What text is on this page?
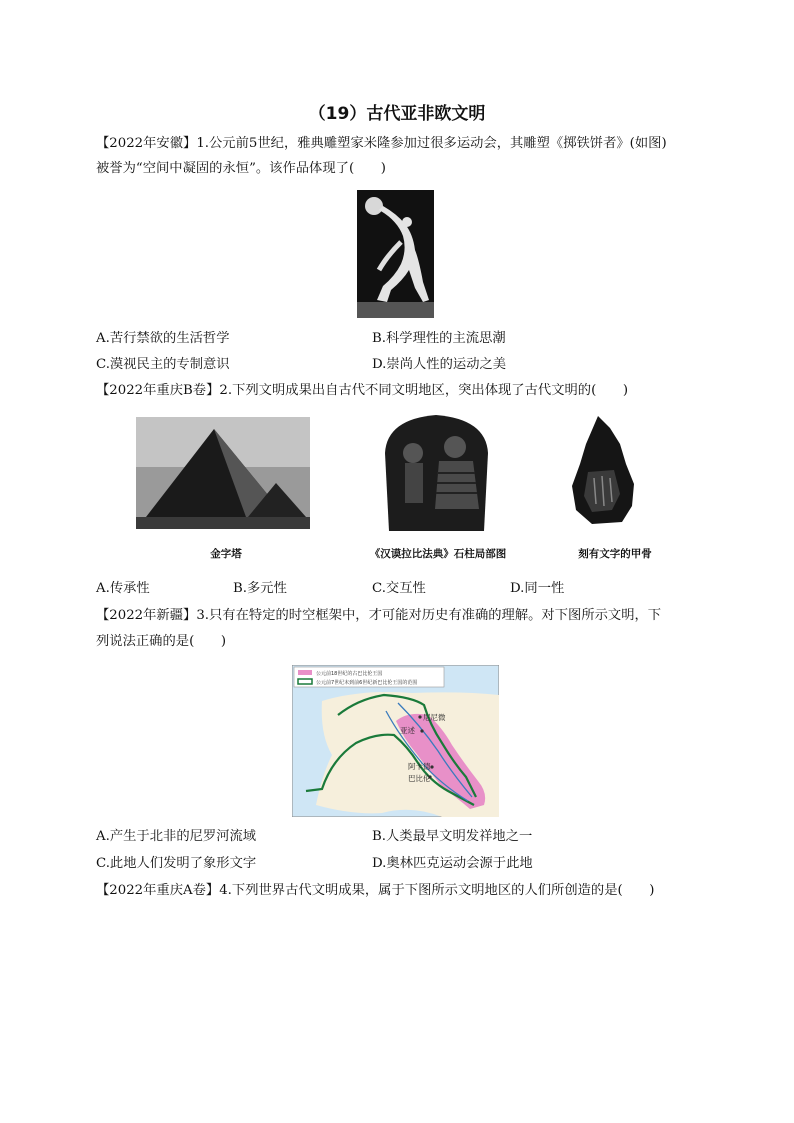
（19）古代亚非欧文明
【2022年安徽】1.公元前5世纪，雅典雕塑家米隆参加过很多运动会，其雕塑《掷铁饼者》(如图)
被誉为“空间中凝固的永恒”。该作品体现了(　　)
A.苦行禁欲的生活哲学	B.科学理性的主流思潮
C.漠视民主的专制意识	D.崇尚人性的运动之美
【2022年重庆B卷】2.下列文明成果出自古代不同文明地区，突出体现了古代文明的(　　)
金字塔	《汉谟拉比法典》石柱局部图	刻有文字的甲骨
A.传承性	B.多元性	C.交互性	D.同一性
【2022年新疆】3.只有在特定的时空框架中，才可能对历史有准确的理解。对下图所示文明，下
列说法正确的是(　　)
公元前18世纪的古巴比伦王国
公元前7世纪末到前6世纪新巴比伦王国的范围
尼尼微
亚述
阿卡德
巴比伦
A.产生于北非的尼罗河流域	B.人类最早文明发祥地之一
C.此地人们发明了象形文字	D.奥林匹克运动会源于此地
【2022年重庆A卷】4.下列世界古代文明成果，属于下图所示文明地区的人们所创造的是(　　)
